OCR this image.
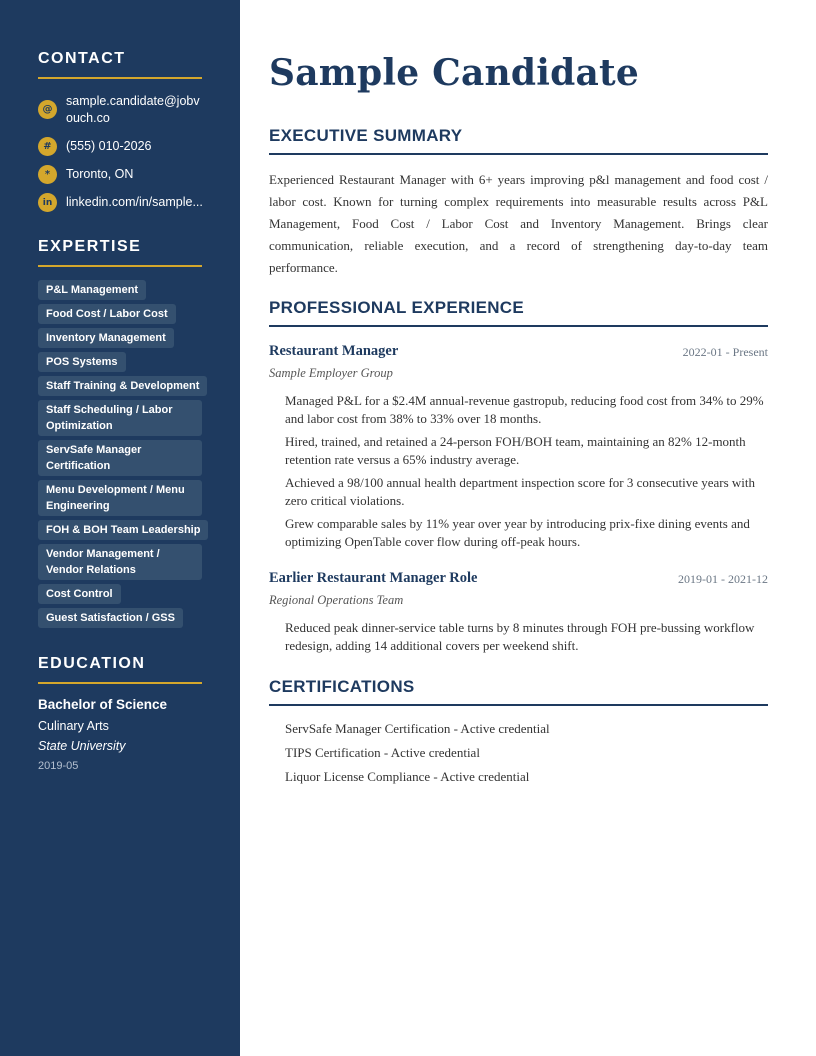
CONTACT
@
sample.candidate@jobvouch.co
#	(555) 010-2026
*	Toronto, ON
in	linkedin.com/in/sample...
EXPERTISE
P&L Management
Food Cost / Labor Cost
Inventory Management
POS Systems
Staff Training & Development
Staff Scheduling / Labor Optimization
ServSafe Manager Certification
Menu Development / Menu Engineering
FOH & BOH Team Leadership
Vendor Management / Vendor Relations
Cost Control
Guest Satisfaction / GSS
EDUCATION
Bachelor of Science
Culinary Arts
State University
2019-05
Sample Candidate
EXECUTIVE SUMMARY
Experienced Restaurant Manager with 6+ years improving p&l management and food cost / labor cost. Known for turning complex requirements into measurable results across P&L Management, Food Cost / Labor Cost and Inventory Management. Brings clear communication, reliable execution, and a record of strengthening day-to-day team performance.
PROFESSIONAL EXPERIENCE
Restaurant Manager	2022-01 - Present
Sample Employer Group
Managed P&L for a $2.4M annual-revenue gastropub, reducing food cost from 34% to 29% and labor cost from 38% to 33% over 18 months.
Hired, trained, and retained a 24-person FOH/BOH team, maintaining an 82% 12-month retention rate versus a 65% industry average.
Achieved a 98/100 annual health department inspection score for 3 consecutive years with zero critical violations.
Grew comparable sales by 11% year over year by introducing prix-fixe dining events and optimizing OpenTable cover flow during off-peak hours.
Earlier Restaurant Manager Role	2019-01 - 2021-12
Regional Operations Team
Reduced peak dinner-service table turns by 8 minutes through FOH pre-bussing workflow redesign, adding 14 additional covers per weekend shift.
CERTIFICATIONS
ServSafe Manager Certification - Active credential
TIPS Certification - Active credential
Liquor License Compliance - Active credential
